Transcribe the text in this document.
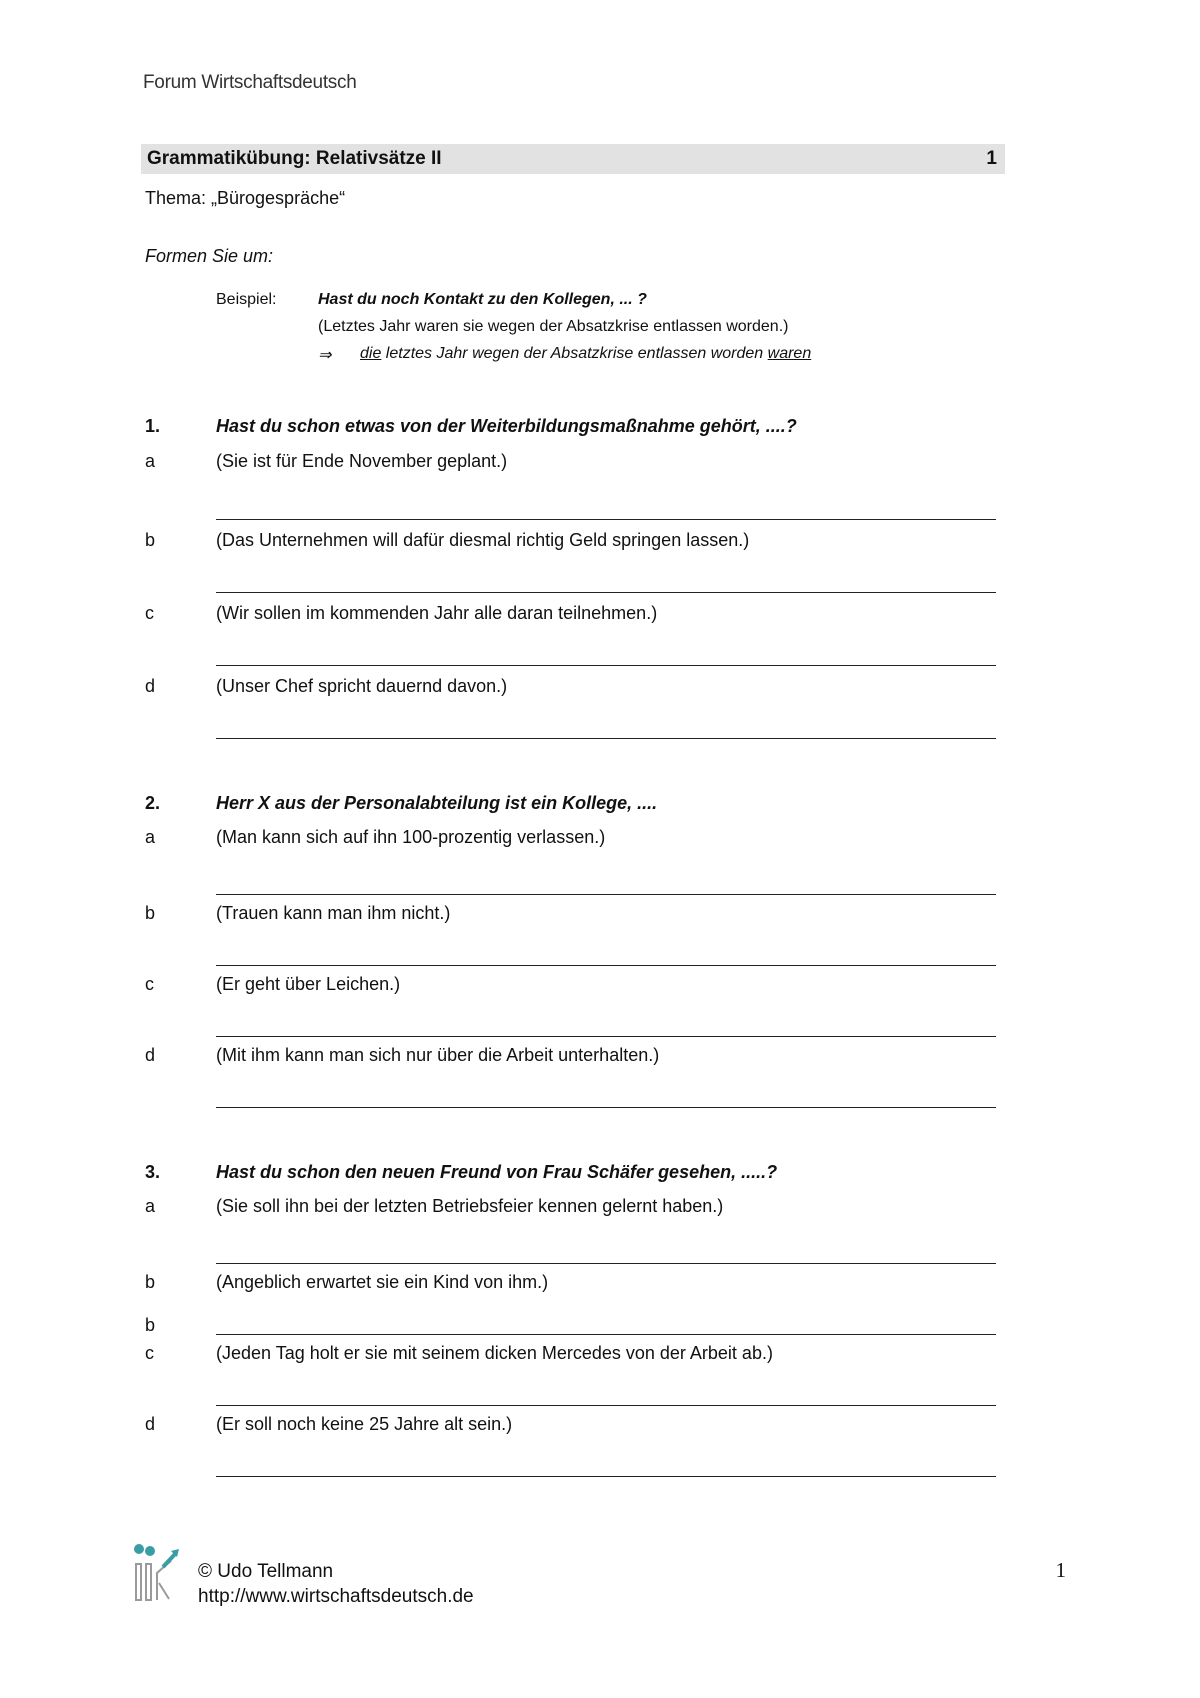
Forum Wirtschaftsdeutsch
Grammatikübung: Relativsätze II	1
Thema: „Bürogespräche“
Formen Sie um:
Beispiel:	Hast du noch Kontakt zu den Kollegen, ... ?
(Letztes Jahr waren sie wegen der Absatzkrise entlassen worden.)
⇒ die letztes Jahr wegen der Absatzkrise entlassen worden waren
1.	Hast du schon etwas von der Weiterbildungsmaßnahme gehört, ....?
a	(Sie ist für Ende November geplant.)
b	(Das Unternehmen will dafür diesmal richtig Geld springen lassen.)
c	(Wir sollen im kommenden Jahr alle daran teilnehmen.)
d	(Unser Chef spricht dauernd davon.)
2.	Herr X aus der Personalabteilung ist ein Kollege, ....
a	(Man kann sich auf ihn 100-prozentig verlassen.)
b	(Trauen kann man ihm nicht.)
c	(Er geht über Leichen.)
d	(Mit ihm kann man sich nur über die Arbeit unterhalten.)
3.	Hast du schon den neuen Freund von Frau Schäfer gesehen, .....?
a	(Sie soll ihn bei der letzten Betriebsfeier kennen gelernt haben.)
b	(Angeblich erwartet sie ein Kind von ihm.)
b
c	(Jeden Tag holt er sie mit seinem dicken Mercedes von der Arbeit ab.)
d	(Er soll noch keine 25 Jahre alt sein.)
© Udo Tellmann
http://www.wirtschaftsdeutsch.de
1
